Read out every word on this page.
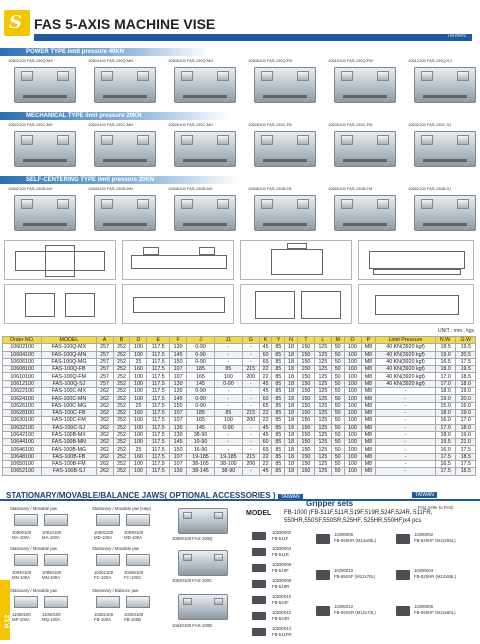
S FAS 5-AXIS MACHINE VISE
TAIWAN
POWER TYPE limit pressure 40KN
10602100 FAS-100Q-MX	10604100 FAS-100Q-MN	10606100 FAS-100Q-MG	10608100 FAS-100Q-FB	10610100 FAS-100Q-FM	10612100 FAS-100Q-SJ
MECHANICAL TYPE limit pressure 20KN
10622100 FAS-100C-MX	10624100 FAS-100C-MN	10626100 FAS-100C-MG	10628100 FAS-100C-FB	10630100 FAS-100C-FM	10632100 FAS-100C-SJ
SELF-CENTERING TYPE limit pressure 20KN
10642100 FAS-100B-MX	10644100 FAS-100B-MN	10646100 FAS-100B-MG	10648100 FAS-100B-FB	10650100 FAS-100B-FM	10652100 FAS-100B-SJ
UNIT : mm , kgs
Order NO.	MODEL	A	B	D	E	F	J	J1	G	K	Y	N	T	L	M	O	P	Limit Pressure	N.W.	G.W
10602100	FAS-100Q-MX	257	252	100	117.5	130	0-90	-	-	45	85	18	150	125	50	100	M8	40 KN(3920 kgf)	18.5	19.5
10604100	FAS-100Q-MN	257	252	100	117.5	145	0-90	-	-	60	85	18	150	125	50	100	M8	40 KN(3920 kgf)	19.0	20.5
10606100	FAS-100Q-MG	257	252	25	117.5	150	0-90	-	-	65	85	18	150	125	50	100	M8	40 KN(3920 kgf)	16.5	17.5
10608100	FAS-100Q-FB	257	252	160	117.5	107	185	85	215	22	85	18	150	125	50	100	M8	40 KN(3920 kgf)	18.0	19.5
10610100	FAS-100Q-FM	257	252	100	117.5	107	165	100	200	22	85	18	150	125	50	100	M8	40 KN(3920 kgf)	17.0	18.5
10612100	FAS-100Q-SJ	257	252	100	117.5	130	145	0-90	-	45	85	18	150	125	50	100	M8	40 KN(3920 kgf)	17.0	18.0
10622100	FAS-100C-MX	262	252	100	117.5	130	0-90	-	-	45	85	18	150	125	50	100	M8	-	18.0	19.0
10624100	FAS-100C-MN	262	252	100	117.5	145	0-90	-	-	60	85	18	150	125	50	100	M8	-	19.0	20.0
10626100	FAS-100C-MG	262	252	25	117.5	150	0-90	-	-	65	85	18	150	125	50	100	M8	-	15.0	16.0
10628100	FAS-100C-FB	262	252	160	117.5	107	185	85	215	22	85	18	150	125	50	100	M8	-	18.0	19.0
10630100	FAS-100C-FM	262	252	100	117.5	107	165	100	200	22	85	18	150	125	50	100	M8	-	16.0	17.0
10632100	FAS-100C-SJ	262	252	100	117.5	130	145	0-90	-	45	85	18	150	125	50	100	M8	-	17.0	18.0
10642100	FAS-100B-MX	262	252	100	117.5	130	38-90	-	-	45	85	18	150	125	50	100	M8	-	18.0	19.0
10644100	FAS-100B-MN	262	252	100	117.5	145	10-90	-	-	60	85	18	150	125	50	100	M8	-	19.5	21.0
10646100	FAS-100B-MG	262	252	25	117.5	150	16-90	-	-	65	85	18	150	125	50	100	M8	-	16.0	17.5
10648100	FAS-100B-FB	262	252	160	117.5	107	19-185	19-185	215	22	85	18	150	125	50	100	M8	-	17.5	18.5
10650100	FAS-100B-FM	262	252	100	117.5	107	38-165	38-100	200	22	85	18	150	125	50	100	M8	-	16.5	17.5
10652100	FAS-100B-SJ	262	252	100	117.5	130	38-145	38-90	-	45	85	18	150	125	50	100	M8	-	17.5	18.5
STATIONARY/MOVABLE/BALANCE JAWS( OPTIONAL ACCESSORIES ) TAIWAN
Gripper sets
TAIWAN
P.04 (refer to P.04)
Stationary / Movable jaw	Stationary / Movable jaw (step)
10900100	10910100
MA-100A	MA-100A
10920100	10930100
MD-100A	MD-100A
Stationary / Movable jaw	Stationary / Movable jaw
10940100	10950100
MN-100A	MN-100A
10262100	10266100
FC-100A	FC-100C
Stationary / Movable jaw	Stationary / Balance jaw
11050100	11060100
MP-100A	MQ-100A
10282100	10284100
FB-100A	FB-100B
10600100 FAS-100Q
10620100 FAS-100C
10640100 FAS-100B
MODEL FB-1000 (FB-511F,511R,519F,519R,524F,524R, 511FR, 550HR,550SF,550SR,525HF, 525HR,550HF)x4 pcs
10290002
FB-511F
10290004
FB-511R
10290006
FB-519F
10290008
FB-519R
10290010
FB-524F
10290012
FB-524R
10290014
FB-511FR
10290006
FB-550HR (M12x60L)
10290010
FB-550SF (M12x70L)
10290012
FB-550SR (M12x70L)
10290002
FB-525HF (M12x55L)
10290004
FB-525HR (M12x55L)
10290006
FB-550HF (M12x60L)
P.12
